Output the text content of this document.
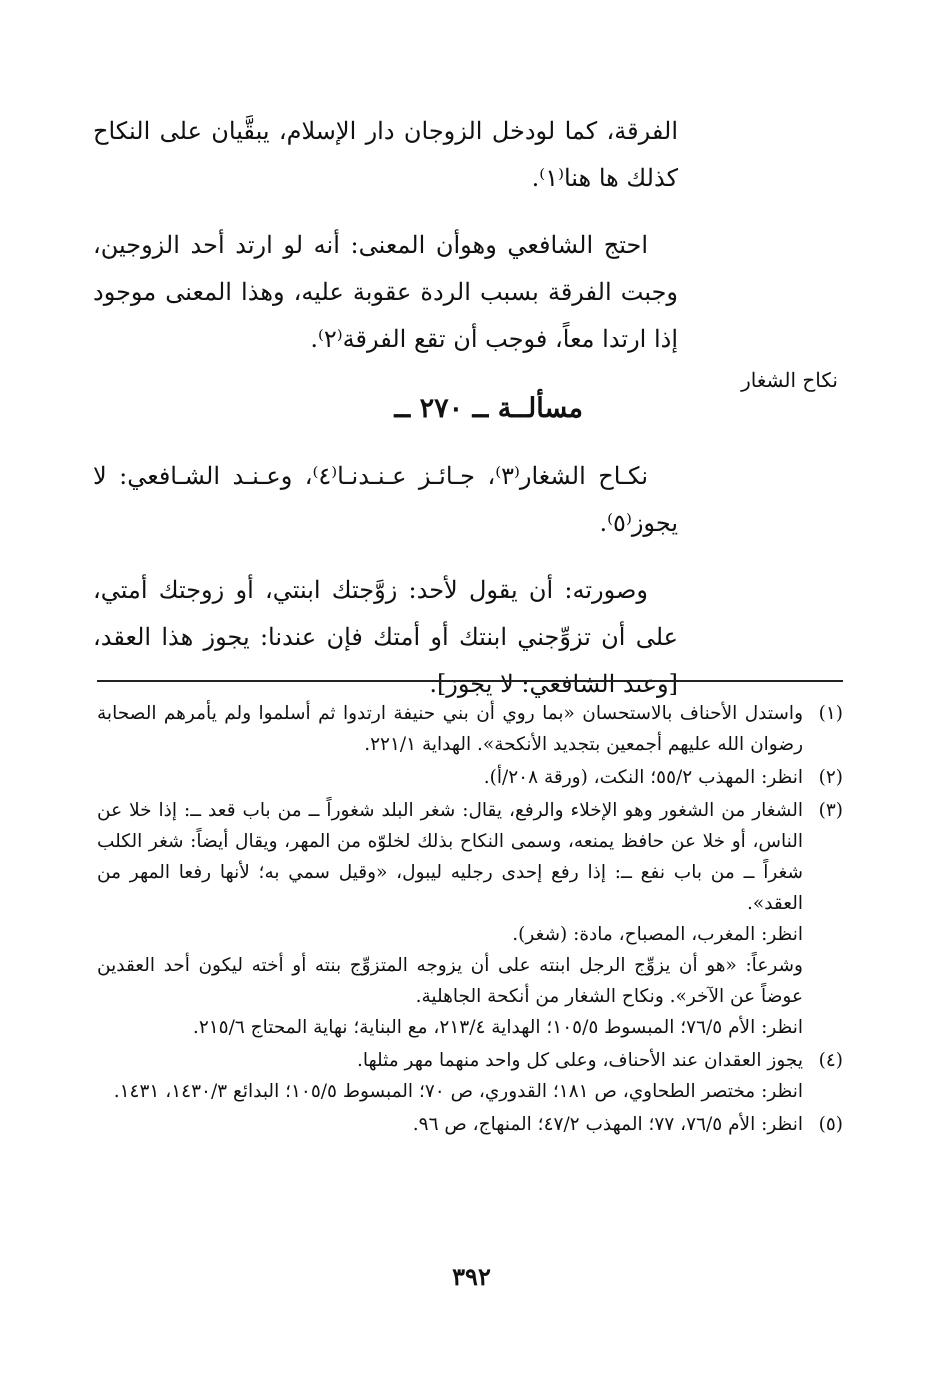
الفرقة، كما لودخل الزوجان دار الإسلام، يبقَّيان على النكاح كذلك ها هنا⁽١⁾.

احتج الشافعي وهوأن المعنى: أنه لو ارتد أحد الزوجين، وجبت الفرقة بسبب الردة عقوبة عليه، وهذا المعنى موجود إذا ارتدا معاً، فوجب أن تقع الفرقة⁽٢⁾.

مسألــة ــ ٢٧٠ ــ

نكـاح الشغار⁽٣⁾، جـائـز عـنـدنـا⁽٤⁾، وعـنـد الشـافعي: لا يجوز⁽٥⁾.

وصورته: أن يقول لأحد: زوَّجتك ابنتي، أو زوجتك أمتي، على أن تزوِّجني ابنتك أو أمتك فإن عندنا: يجوز هذا العقد، [وعند الشافعي: لا يجوز].

نكاح الشغار
(١)

واستدل الأحناف بالاستحسان «بما روي أن بني حنيفة ارتدوا ثم أسلموا ولم يأمرهم الصحابة رضوان الله عليهم أجمعين بتجديد الأنكحة». الهداية ٢٢١/١.

(٢)

انظر: المهذب ٥٥/٢؛ النكت، (ورقة ٢٠٨/أ).

(٣)

الشغار من الشغور وهو الإخلاء والرفع، يقال: شغر البلد شغوراً ــ من باب قعد ــ: إذا خلا عن الناس، أو خلا عن حافظ يمنعه، وسمى النكاح بذلك لخلوّه من المهر، ويقال أيضاً: شغر الكلب شغراً ــ من باب نفع ــ: إذا رفع إحدى رجليه ليبول، «وقيل سمي به؛ لأنها رفعا المهر من العقد».

انظر: المغرب، المصباح، مادة: (شغر).

وشرعاً: «هو أن يزوِّج الرجل ابنته على أن يزوجه المتزوِّج بنته أو أخته ليكون أحد العقدين عوضاً عن الآخر». ونكاح الشغار من أنكحة الجاهلية.

انظر: الأم ٧٦/٥؛ المبسوط ١٠٥/٥؛ الهداية ٢١٣/٤، مع البناية؛ نهاية المحتاج ٢١٥/٦.

(٤)

يجوز العقدان عند الأحناف، وعلى كل واحد منهما مهر مثلها.

انظر: مختصر الطحاوي، ص ١٨١؛ القدوري، ص ٧٠؛ المبسوط ١٠٥/٥؛ البدائع ١٤٣٠/٣، ١٤٣١.

(٥)

انظر: الأم ٧٦/٥، ٧٧؛ المهذب ٤٧/٢؛ المنهاج، ص ٩٦.

٣٩٢
